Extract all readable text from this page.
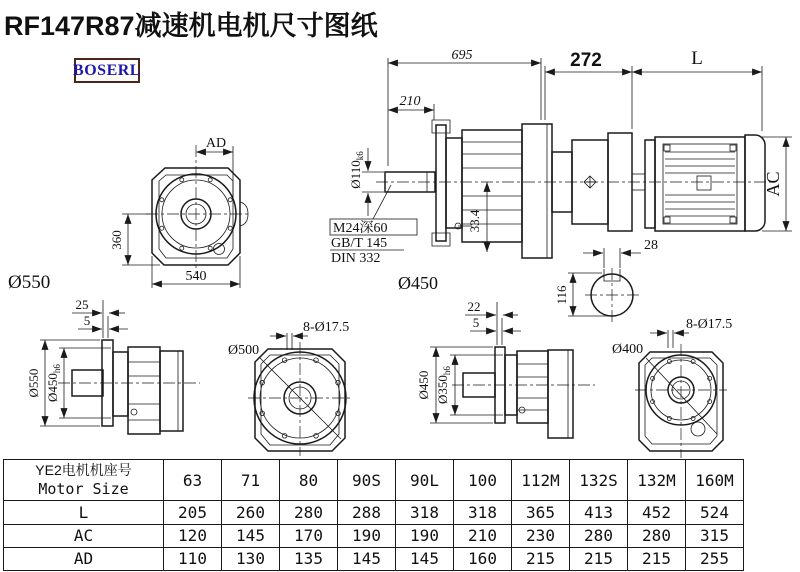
RF147R87减速机电机尺寸图纸
BOSERL
AD
360
540
Ø550
695
210
272	L
AC
33.4
$Ø110_{k6}$
M24深60
GB/T 145
DIN 332
Ø450
28
116
Ø550 $Ø450_{h6}$
25
5
Ø500
8-Ø17.5
Ø450 $Ø350_{h6}$
22
5
Ø400
8-Ø17.5
YE2电机机座号
Motor Size	63	71	80	90S	90L	100	112M	132S	132M	160M
L	205	260	280	288	318	318	365	413	452	524
AC	120	145	170	190	190	210	230	280	280	315
AD	110	130	135	145	145	160	215	215	215	255
